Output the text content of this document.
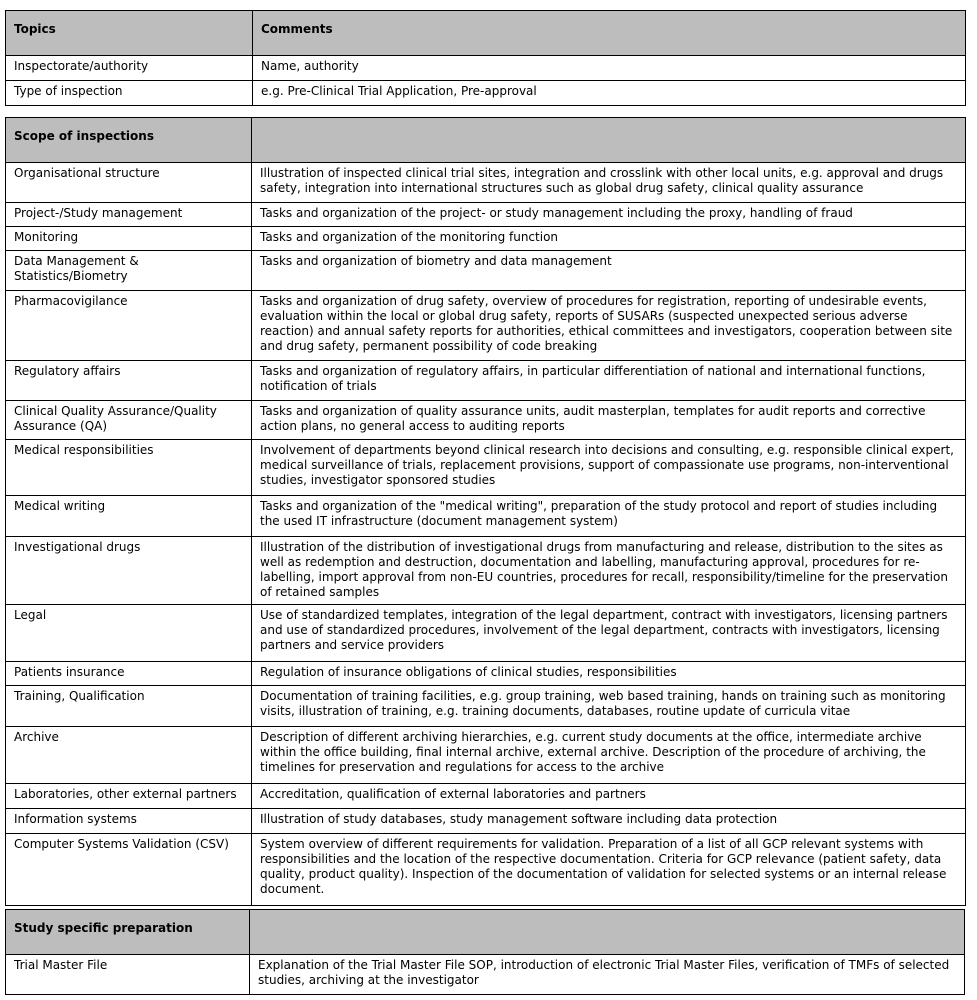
Topics	Comments
Inspectorate/authority	Name, authority
Type of inspection	e.g. Pre-Clinical Trial Application, Pre-approval
Scope of inspections	
Organisational structure	Illustration of inspected clinical trial sites, integration and crosslink with other local units, e.g. approval and drugs safety, integration into international structures such as global drug safety, clinical quality assurance
Project-/Study management	Tasks and organization of the project- or study management including the proxy, handling of fraud
Monitoring	Tasks and organization of the monitoring function
Data Management & Statistics/Biometry	Tasks and organization of biometry and data management
Pharmacovigilance	Tasks and organization of drug safety, overview of procedures for registration, reporting of undesirable events, evaluation within the local or global drug safety, reports of SUSARs (suspected unexpected serious adverse reaction) and annual safety reports for authorities, ethical committees and investigators, cooperation between site and drug safety, permanent possibility of code breaking
Regulatory affairs	Tasks and organization of regulatory affairs, in particular differentiation of national and international functions, notification of trials
Clinical Quality Assurance/Quality Assurance (QA)	Tasks and organization of quality assurance units, audit masterplan, templates for audit reports and corrective action plans, no general access to auditing reports
Medical responsibilities	Involvement of departments beyond clinical research into decisions and consulting, e.g. responsible clinical expert, medical surveillance of trials, replacement provisions, support of compassionate use programs, non-interventional studies, investigator sponsored studies
Medical writing	Tasks and organization of the "medical writing", preparation of the study protocol and report of studies including the used IT infrastructure (document management system)
Investigational drugs	Illustration of the distribution of investigational drugs from manufacturing and release, distribution to the sites as well as redemption and destruction, documentation and labelling, manufacturing approval, procedures for re-labelling, import approval from non-EU countries, procedures for recall, responsibility/timeline for the preservation of retained samples
Legal	Use of standardized templates, integration of the legal department, contract with investigators, licensing partners and use of standardized procedures, involvement of the legal department, contracts with investigators, licensing partners and service providers
Patients insurance	Regulation of insurance obligations of clinical studies, responsibilities
Training, Qualification	Documentation of training facilities, e.g. group training, web based training, hands on training such as monitoring visits, illustration of training, e.g. training documents, databases, routine update of curricula vitae
Archive	Description of different archiving hierarchies, e.g. current study documents at the office, intermediate archive within the office building, final internal archive, external archive. Description of the procedure of archiving, the timelines for preservation and regulations for access to the archive
Laboratories, other external partners	Accreditation, qualification of external laboratories and partners
Information systems	Illustration of study databases, study management software including data protection
Computer Systems Validation (CSV)	System overview of different requirements for validation. Preparation of a list of all GCP relevant systems with responsibilities and the location of the respective documentation. Criteria for GCP relevance (patient safety, data quality, product quality). Inspection of the documentation of validation for selected systems or an internal release document.
Study specific preparation	
Trial Master File	Explanation of the Trial Master File SOP, introduction of electronic Trial Master Files, verification of TMFs of selected studies, archiving at the investigator
